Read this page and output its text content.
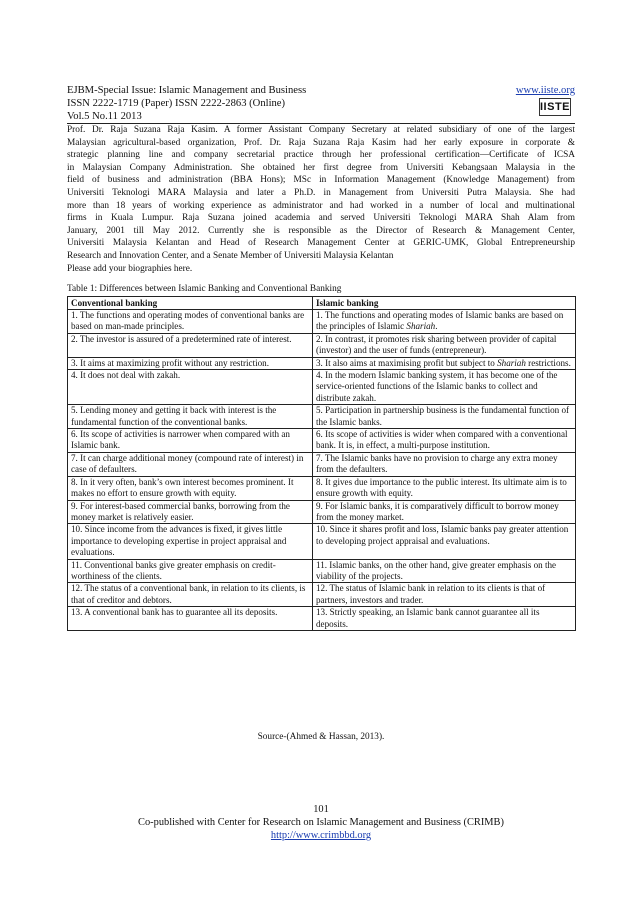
EJBM-Special Issue: Islamic Management and Business	www.iiste.org
ISSN 2222-1719 (Paper) ISSN 2222-2863 (Online)
Vol.5 No.11 2013
IISTE

Prof. Dr. Raja Suzana Raja Kasim. A former Assistant Company Secretary at related subsidiary of one of the largest

Malaysian agricultural-based organization, Prof. Dr. Raja Suzana Raja Kasim had her early exposure in corporate &

strategic planning line and company secretarial practice through her professional certification—Certificate of ICSA

in Malaysian Company Administration. She obtained her first degree from Universiti Kebangsaan Malaysia in the

field of business and administration (BBA Hons); MSc in Information Management (Knowledge Management) from

Universiti Teknologi MARA Malaysia and later a Ph.D. in Management from Universiti Putra Malaysia. She had

more than 18 years of working experience as administrator and had worked in a number of local and multinational

firms in Kuala Lumpur. Raja Suzana joined academia and served Universiti Teknologi MARA Shah Alam from

January, 2001 till May 2012. Currently she is responsible as the Director of Research & Management Center,

Universiti Malaysia Kelantan and Head of Research Management Center at GERIC-UMK, Global Entrepreneurship

Research and Innovation Center, and a Senate Member of Universiti Malaysia Kelantan

Please add your biographies here.

Table 1: Differences between Islamic Banking and Conventional Banking
Conventional banking	Islamic banking
1. The functions and operating modes of conventional banks are based on man-made principles.	1. The functions and operating modes of Islamic banks are based on the principles of Islamic Shariah.
2. The investor is assured of a predetermined rate of interest.	2. In contrast, it promotes risk sharing between provider of capital (investor) and the user of funds (entrepreneur).
3. It aims at maximizing profit without any restriction.	3. It also aims at maximising profit but subject to Shariah restrictions.
4. It does not deal with zakah.	4. In the modern Islamic banking system, it has become one of the service-oriented functions of the Islamic banks to collect and distribute zakah.
5. Lending money and getting it back with interest is the fundamental function of the conventional banks.	5. Participation in partnership business is the fundamental function of the Islamic banks.
6. Its scope of activities is narrower when compared with an Islamic bank.	6. Its scope of activities is wider when compared with a conventional bank. It is, in effect, a multi-purpose institution.
7. It can charge additional money (compound rate of interest) in case of defaulters.	7. The Islamic banks have no provision to charge any extra money from the defaulters.
8. In it very often, bank’s own interest becomes prominent. It makes no effort to ensure growth with equity.	8. It gives due importance to the public interest. Its ultimate aim is to ensure growth with equity.
9. For interest-based commercial banks, borrowing from the money market is relatively easier.	9. For Islamic banks, it is comparatively difficult to borrow money from the money market.
10. Since income from the advances is fixed, it gives little importance to developing expertise in project appraisal and evaluations.	10. Since it shares profit and loss, Islamic banks pay greater attention to developing project appraisal and evaluations.
11. Conventional banks give greater emphasis on credit-worthiness of the clients.	11. Islamic banks, on the other hand, give greater emphasis on the viability of the projects.
12. The status of a conventional bank, in relation to its clients, is that of creditor and debtors.	12. The status of Islamic bank in relation to its clients is that of partners, investors and trader.
13. A conventional bank has to guarantee all its deposits.	13. Strictly speaking, an Islamic bank cannot guarantee all its deposits.
Source-(Ahmed & Hassan, 2013).
101
Co-published with Center for Research on Islamic Management and Business (CRIMB)
http://www.crimbbd.org
